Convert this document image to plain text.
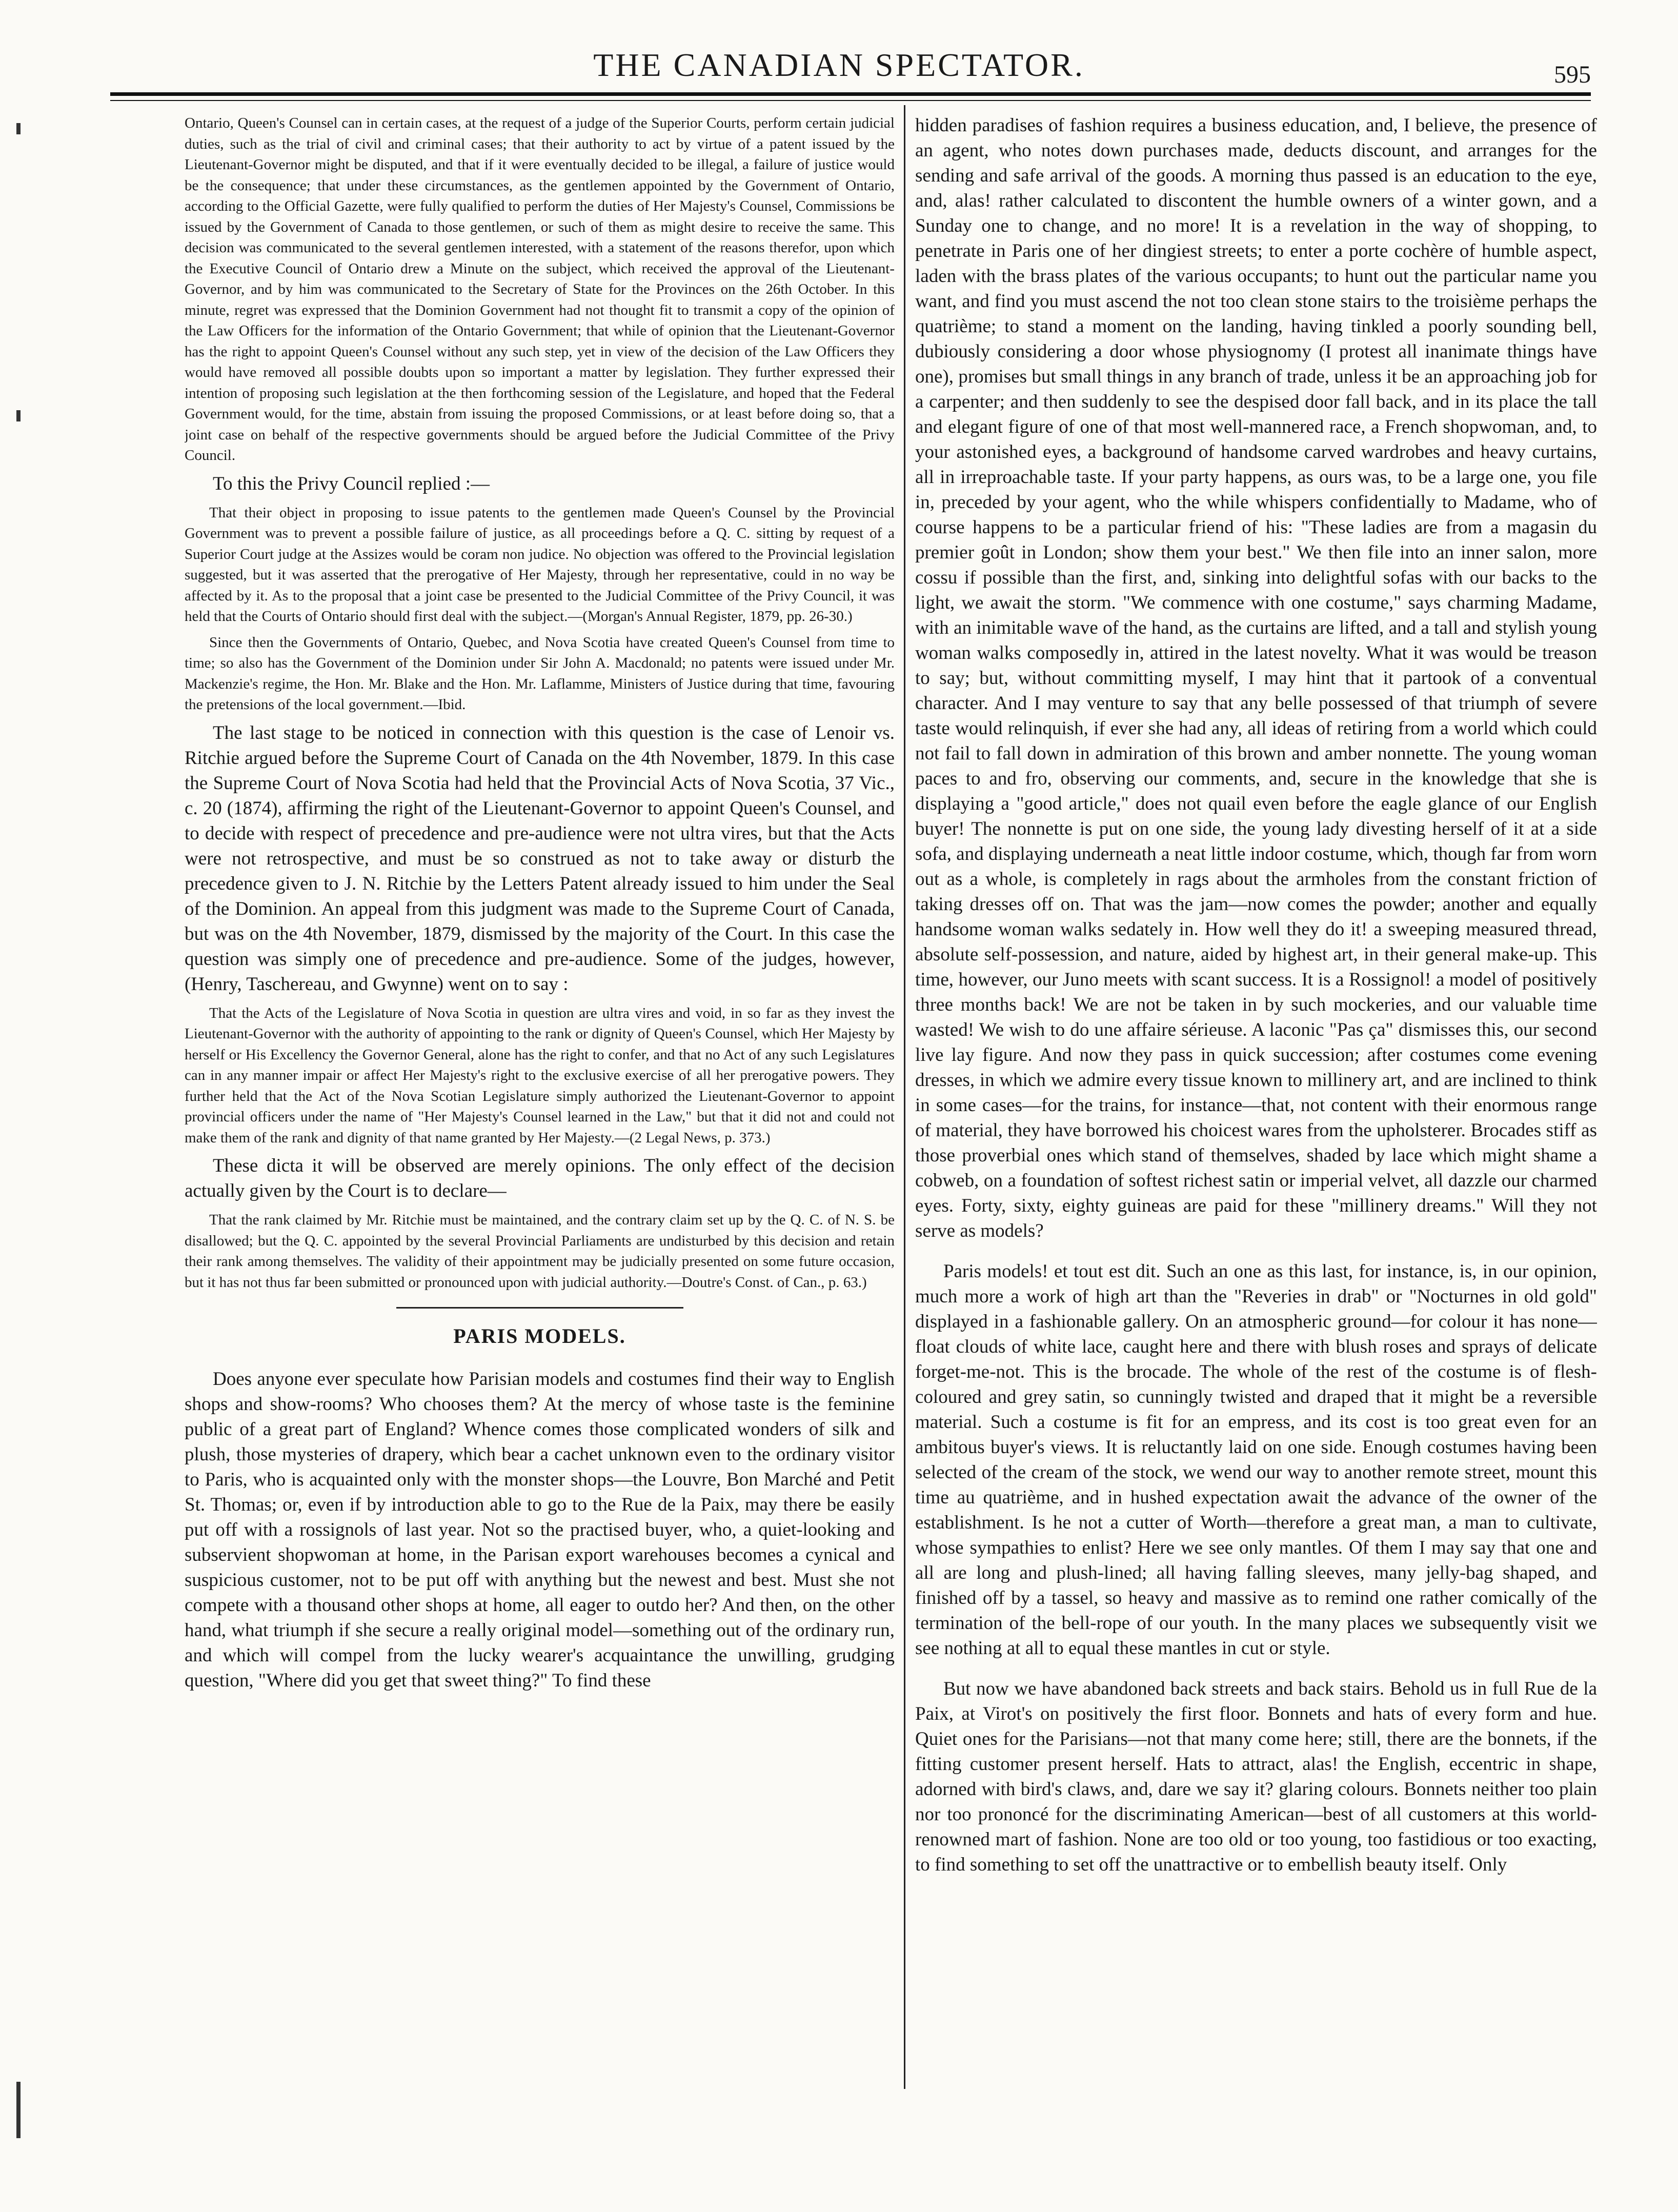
THE CANADIAN SPECTATOR.	595

Ontario, Queen's Counsel can in certain cases, at the request of a judge of the Superior Courts, perform certain judicial duties, such as the trial of civil and criminal cases; that their authority to act by virtue of a patent issued by the Lieutenant-Governor might be disputed, and that if it were eventually decided to be illegal, a failure of justice would be the consequence; that under these circumstances, as the gentlemen appointed by the Government of Ontario, according to the Official Gazette, were fully qualified to perform the duties of Her Majesty's Counsel, Commissions be issued by the Government of Canada to those gentlemen, or such of them as might desire to receive the same. This decision was communicated to the several gentlemen interested, with a statement of the reasons therefor, upon which the Executive Council of Ontario drew a Minute on the subject, which received the approval of the Lieutenant-Governor, and by him was communicated to the Secretary of State for the Provinces on the 26th October. In this minute, regret was expressed that the Dominion Government had not thought fit to transmit a copy of the opinion of the Law Officers for the information of the Ontario Government; that while of opinion that the Lieutenant-Governor has the right to appoint Queen's Counsel without any such step, yet in view of the decision of the Law Officers they would have removed all possible doubts upon so important a matter by legislation. They further expressed their intention of proposing such legislation at the then forthcoming session of the Legislature, and hoped that the Federal Government would, for the time, abstain from issuing the proposed Commissions, or at least before doing so, that a joint case on behalf of the respective governments should be argued before the Judicial Committee of the Privy Council.

To this the Privy Council replied :—

That their object in proposing to issue patents to the gentlemen made Queen's Counsel by the Provincial Government was to prevent a possible failure of justice, as all proceedings before a Q. C. sitting by request of a Superior Court judge at the Assizes would be coram non judice. No objection was offered to the Provincial legislation suggested, but it was asserted that the prerogative of Her Majesty, through her representative, could in no way be affected by it. As to the proposal that a joint case be presented to the Judicial Committee of the Privy Council, it was held that the Courts of Ontario should first deal with the subject.—(Morgan's Annual Register, 1879, pp. 26-30.)

Since then the Governments of Ontario, Quebec, and Nova Scotia have created Queen's Counsel from time to time; so also has the Government of the Dominion under Sir John A. Macdonald; no patents were issued under Mr. Mackenzie's regime, the Hon. Mr. Blake and the Hon. Mr. Laflamme, Ministers of Justice during that time, favouring the pretensions of the local government.—Ibid.

The last stage to be noticed in connection with this question is the case of Lenoir vs. Ritchie argued before the Supreme Court of Canada on the 4th November, 1879. In this case the Supreme Court of Nova Scotia had held that the Provincial Acts of Nova Scotia, 37 Vic., c. 20 (1874), affirming the right of the Lieutenant-Governor to appoint Queen's Counsel, and to decide with respect of precedence and pre-audience were not ultra vires, but that the Acts were not retrospective, and must be so construed as not to take away or disturb the precedence given to J. N. Ritchie by the Letters Patent already issued to him under the Seal of the Dominion. An appeal from this judgment was made to the Supreme Court of Canada, but was on the 4th November, 1879, dismissed by the majority of the Court. In this case the question was simply one of precedence and pre-audience. Some of the judges, however, (Henry, Taschereau, and Gwynne) went on to say :

That the Acts of the Legislature of Nova Scotia in question are ultra vires and void, in so far as they invest the Lieutenant-Governor with the authority of appointing to the rank or dignity of Queen's Counsel, which Her Majesty by herself or His Excellency the Governor General, alone has the right to confer, and that no Act of any such Legislatures can in any manner impair or affect Her Majesty's right to the exclusive exercise of all her prerogative powers. They further held that the Act of the Nova Scotian Legislature simply authorized the Lieutenant-Governor to appoint provincial officers under the name of "Her Majesty's Counsel learned in the Law," but that it did not and could not make them of the rank and dignity of that name granted by Her Majesty.—(2 Legal News, p. 373.)

These dicta it will be observed are merely opinions. The only effect of the decision actually given by the Court is to declare—

That the rank claimed by Mr. Ritchie must be maintained, and the contrary claim set up by the Q. C. of N. S. be disallowed; but the Q. C. appointed by the several Provincial Parliaments are undisturbed by this decision and retain their rank among themselves. The validity of their appointment may be judicially presented on some future occasion, but it has not thus far been submitted or pronounced upon with judicial authority.—Doutre's Const. of Can., p. 63.)

PARIS MODELS.

Does anyone ever speculate how Parisian models and costumes find their way to English shops and show-rooms? Who chooses them? At the mercy of whose taste is the feminine public of a great part of England? Whence comes those complicated wonders of silk and plush, those mysteries of drapery, which bear a cachet unknown even to the ordinary visitor to Paris, who is acquainted only with the monster shops—the Louvre, Bon Marché and Petit St. Thomas; or, even if by introduction able to go to the Rue de la Paix, may there be easily put off with a rossignols of last year. Not so the practised buyer, who, a quiet-looking and subservient shopwoman at home, in the Parisan export warehouses becomes a cynical and suspicious customer, not to be put off with anything but the newest and best. Must she not compete with a thousand other shops at home, all eager to outdo her? And then, on the other hand, what triumph if she secure a really original model—something out of the ordinary run, and which will compel from the lucky wearer's acquaintance the unwilling, grudging question, "Where did you get that sweet thing?" To find these

hidden paradises of fashion requires a business education, and, I believe, the presence of an agent, who notes down purchases made, deducts discount, and arranges for the sending and safe arrival of the goods. A morning thus passed is an education to the eye, and, alas! rather calculated to discontent the humble owners of a winter gown, and a Sunday one to change, and no more! It is a revelation in the way of shopping, to penetrate in Paris one of her dingiest streets; to enter a porte cochère of humble aspect, laden with the brass plates of the various occupants; to hunt out the particular name you want, and find you must ascend the not too clean stone stairs to the troisième perhaps the quatrième; to stand a moment on the landing, having tinkled a poorly sounding bell, dubiously considering a door whose physiognomy (I protest all inanimate things have one), promises but small things in any branch of trade, unless it be an approaching job for a carpenter; and then suddenly to see the despised door fall back, and in its place the tall and elegant figure of one of that most well-mannered race, a French shopwoman, and, to your astonished eyes, a background of handsome carved wardrobes and heavy curtains, all in irreproachable taste. If your party happens, as ours was, to be a large one, you file in, preceded by your agent, who the while whispers confidentially to Madame, who of course happens to be a particular friend of his: "These ladies are from a magasin du premier goût in London; show them your best." We then file into an inner salon, more cossu if possible than the first, and, sinking into delightful sofas with our backs to the light, we await the storm. "We commence with one costume," says charming Madame, with an inimitable wave of the hand, as the curtains are lifted, and a tall and stylish young woman walks composedly in, attired in the latest novelty. What it was would be treason to say; but, without committing myself, I may hint that it partook of a conventual character. And I may venture to say that any belle possessed of that triumph of severe taste would relinquish, if ever she had any, all ideas of retiring from a world which could not fail to fall down in admiration of this brown and amber nonnette. The young woman paces to and fro, observing our comments, and, secure in the knowledge that she is displaying a "good article," does not quail even before the eagle glance of our English buyer! The nonnette is put on one side, the young lady divesting herself of it at a side sofa, and displaying underneath a neat little indoor costume, which, though far from worn out as a whole, is completely in rags about the armholes from the constant friction of taking dresses off on. That was the jam—now comes the powder; another and equally handsome woman walks sedately in. How well they do it! a sweeping measured thread, absolute self-possession, and nature, aided by highest art, in their general make-up. This time, however, our Juno meets with scant success. It is a Rossignol! a model of positively three months back! We are not be taken in by such mockeries, and our valuable time wasted! We wish to do une affaire sérieuse. A laconic "Pas ça" dismisses this, our second live lay figure. And now they pass in quick succession; after costumes come evening dresses, in which we admire every tissue known to millinery art, and are inclined to think in some cases—for the trains, for instance—that, not content with their enormous range of material, they have borrowed his choicest wares from the upholsterer. Brocades stiff as those proverbial ones which stand of themselves, shaded by lace which might shame a cobweb, on a foundation of softest richest satin or imperial velvet, all dazzle our charmed eyes. Forty, sixty, eighty guineas are paid for these "millinery dreams." Will they not serve as models?

Paris models! et tout est dit. Such an one as this last, for instance, is, in our opinion, much more a work of high art than the "Reveries in drab" or "Nocturnes in old gold" displayed in a fashionable gallery. On an atmospheric ground—for colour it has none—float clouds of white lace, caught here and there with blush roses and sprays of delicate forget-me-not. This is the brocade. The whole of the rest of the costume is of flesh-coloured and grey satin, so cunningly twisted and draped that it might be a reversible material. Such a costume is fit for an empress, and its cost is too great even for an ambitous buyer's views. It is reluctantly laid on one side. Enough costumes having been selected of the cream of the stock, we wend our way to another remote street, mount this time au quatrième, and in hushed expectation await the advance of the owner of the establishment. Is he not a cutter of Worth—therefore a great man, a man to cultivate, whose sympathies to enlist? Here we see only mantles. Of them I may say that one and all are long and plush-lined; all having falling sleeves, many jelly-bag shaped, and finished off by a tassel, so heavy and massive as to remind one rather comically of the termination of the bell-rope of our youth. In the many places we subsequently visit we see nothing at all to equal these mantles in cut or style.

But now we have abandoned back streets and back stairs. Behold us in full Rue de la Paix, at Virot's on positively the first floor. Bonnets and hats of every form and hue. Quiet ones for the Parisians—not that many come here; still, there are the bonnets, if the fitting customer present herself. Hats to attract, alas! the English, eccentric in shape, adorned with bird's claws, and, dare we say it? glaring colours. Bonnets neither too plain nor too prononcé for the discriminating American—best of all customers at this world-renowned mart of fashion. None are too old or too young, too fastidious or too exacting, to find something to set off the unattractive or to embellish beauty itself. Only
